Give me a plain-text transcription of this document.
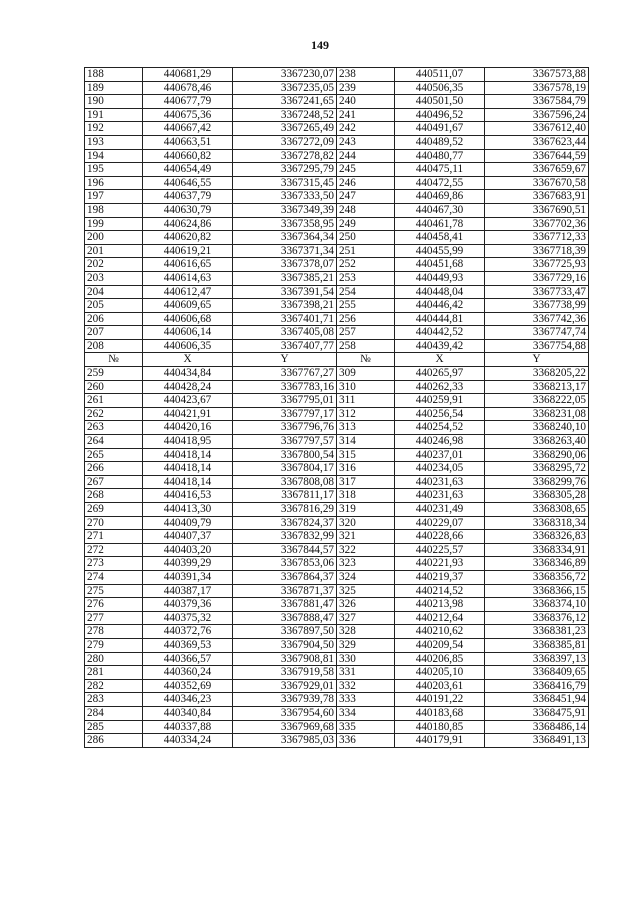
149
188	440681,29	3367230,07	238	440511,07	3367573,88
189	440678,46	3367235,05	239	440506,35	3367578,19
190	440677,79	3367241,65	240	440501,50	3367584,79
191	440675,36	3367248,52	241	440496,52	3367596,24
192	440667,42	3367265,49	242	440491,67	3367612,40
193	440663,51	3367272,09	243	440489,52	3367623,44
194	440660,82	3367278,82	244	440480,77	3367644,59
195	440654,49	3367295,79	245	440475,11	3367659,67
196	440646,55	3367315,45	246	440472,55	3367670,58
197	440637,79	3367333,50	247	440469,86	3367683,91
198	440630,79	3367349,39	248	440467,30	3367690,51
199	440624,86	3367358,95	249	440461,78	3367702,36
200	440620,82	3367364,34	250	440458,41	3367712,33
201	440619,21	3367371,34	251	440455,99	3367718,39
202	440616,65	3367378,07	252	440451,68	3367725,93
203	440614,63	3367385,21	253	440449,93	3367729,16
204	440612,47	3367391,54	254	440448,04	3367733,47
205	440609,65	3367398,21	255	440446,42	3367738,99
206	440606,68	3367401,71	256	440444,81	3367742,36
207	440606,14	3367405,08	257	440442,52	3367747,74
208	440606,35	3367407,77	258	440439,42	3367754,88
№	X	Y	№	X	Y
259	440434,84	3367767,27	309	440265,97	3368205,22
260	440428,24	3367783,16	310	440262,33	3368213,17
261	440423,67	3367795,01	311	440259,91	3368222,05
262	440421,91	3367797,17	312	440256,54	3368231,08
263	440420,16	3367796,76	313	440254,52	3368240,10
264	440418,95	3367797,57	314	440246,98	3368263,40
265	440418,14	3367800,54	315	440237,01	3368290,06
266	440418,14	3367804,17	316	440234,05	3368295,72
267	440418,14	3367808,08	317	440231,63	3368299,76
268	440416,53	3367811,17	318	440231,63	3368305,28
269	440413,30	3367816,29	319	440231,49	3368308,65
270	440409,79	3367824,37	320	440229,07	3368318,34
271	440407,37	3367832,99	321	440228,66	3368326,83
272	440403,20	3367844,57	322	440225,57	3368334,91
273	440399,29	3367853,06	323	440221,93	3368346,89
274	440391,34	3367864,37	324	440219,37	3368356,72
275	440387,17	3367871,37	325	440214,52	3368366,15
276	440379,36	3367881,47	326	440213,98	3368374,10
277	440375,32	3367888,47	327	440212,64	3368376,12
278	440372,76	3367897,50	328	440210,62	3368381,23
279	440369,53	3367904,50	329	440209,54	3368385,81
280	440366,57	3367908,81	330	440206,85	3368397,13
281	440360,24	3367919,58	331	440205,10	3368409,65
282	440352,69	3367929,01	332	440203,61	3368416,79
283	440346,23	3367939,78	333	440191,22	3368451,94
284	440340,84	3367954,60	334	440183,68	3368475,91
285	440337,88	3367969,68	335	440180,85	3368486,14
286	440334,24	3367985,03	336	440179,91	3368491,13
